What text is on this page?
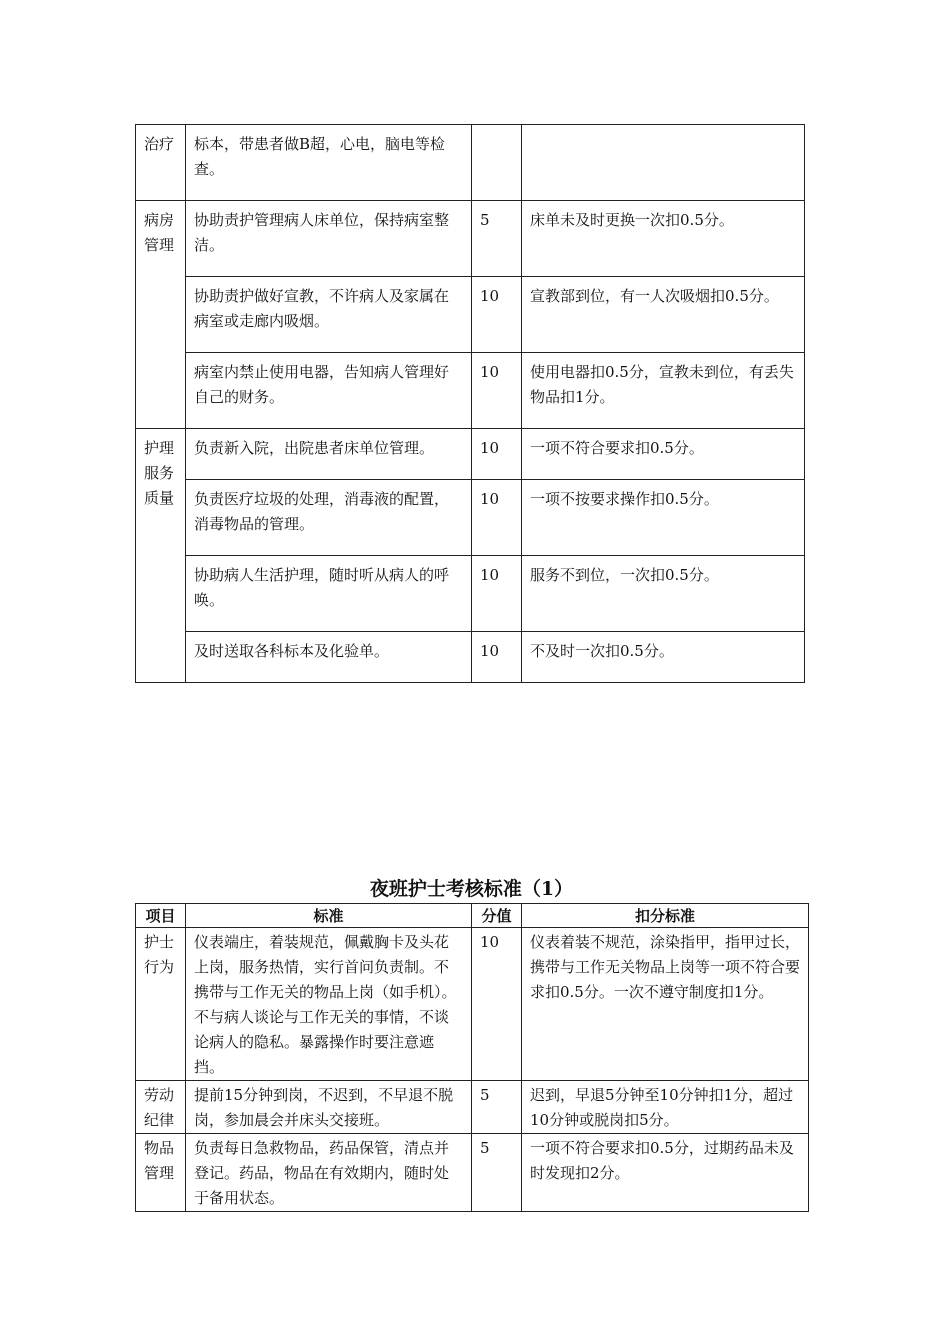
治疗	标本，带患者做B超，心电，脑电等检查。		
病房管理	协助责护管理病人床单位，保持病室整洁。	5	床单未及时更换一次扣0.5分。
	协助责护做好宣教，不许病人及家属在病室或走廊内吸烟。	10	宣教部到位，有一人次吸烟扣0.5分。
	病室内禁止使用电器，告知病人管理好自己的财务。	10	使用电器扣0.5分，宣教未到位，有丢失物品扣1分。
护理服务质量	负责新入院，出院患者床单位管理。	10	一项不符合要求扣0.5分。
	负责医疗垃圾的处理，消毒液的配置，消毒物品的管理。	10	一项不按要求操作扣0.5分。
	协助病人生活护理，随时听从病人的呼唤。	10	服务不到位，一次扣0.5分。
	及时送取各科标本及化验单。	10	不及时一次扣0.5分。
夜班护士考核标准（1）
项目	标准	分值	扣分标准
护士行为	仪表端庄，着装规范，佩戴胸卡及头花上岗，服务热情，实行首问负责制。不携带与工作无关的物品上岗（如手机）。不与病人谈论与工作无关的事情，不谈论病人的隐私。暴露操作时要注意遮挡。	10	仪表着装不规范，涂染指甲，指甲过长，携带与工作无关物品上岗等一项不符合要求扣0.5分。一次不遵守制度扣1分。
劳动纪律	提前15分钟到岗，不迟到，不早退不脱岗，参加晨会并床头交接班。	5	迟到，早退5分钟至10分钟扣1分，超过10分钟或脱岗扣5分。
物品管理	负责每日急救物品，药品保管，清点并登记。药品，物品在有效期内，随时处于备用状态。	5	一项不符合要求扣0.5分，过期药品未及时发现扣2分。
